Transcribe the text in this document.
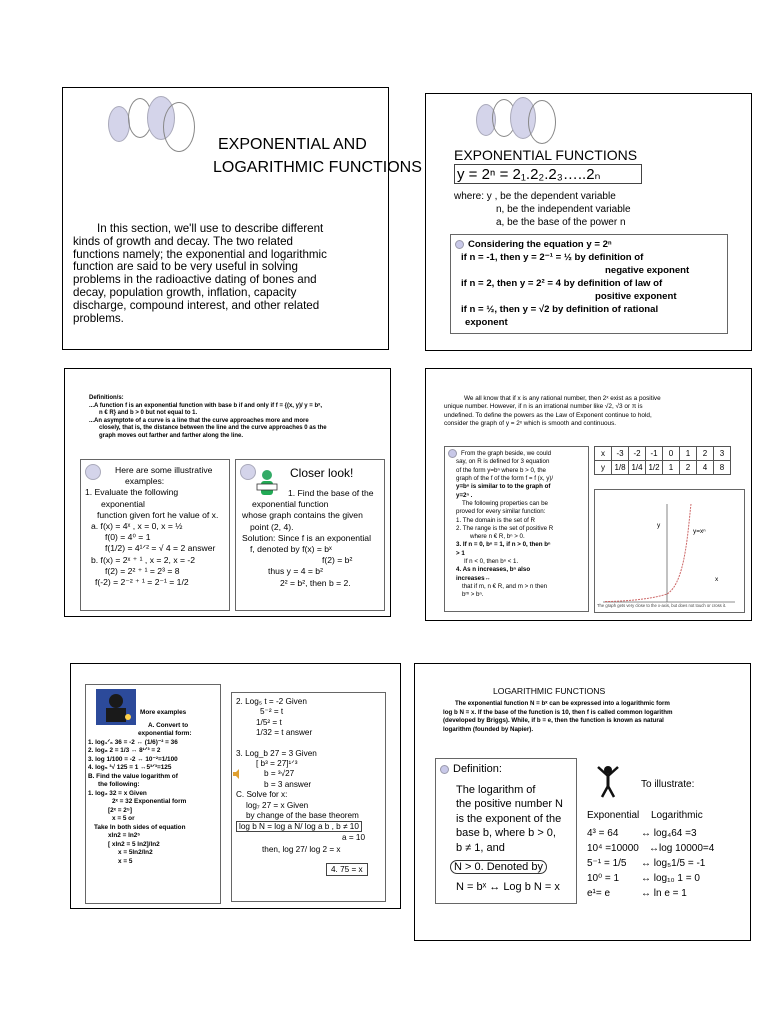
EXPONENTIAL AND
LOGARITHMIC FUNCTIONS
In this section, we'll use to describe different
kinds of growth and decay. The two related
functions namely; the exponential and logarithmic
function are said to be very useful in solving
problems in the radioactive dating of bones and
decay, population growth, inflation, capacity
discharge, compound interest, and other related
problems.
EXPONENTIAL FUNCTIONS
y = 2ⁿ = 2₁.2₂.2₃…..2ₙ
where: y , be the dependent variable
n, be the independent variable
a, be the base of the power n
Considering the equation y = 2ⁿ
if n = -1, then y = 2⁻¹ = ½ by definition of
negative exponent
if n = 2, then y = 2² = 4 by definition of law of
positive exponent
if n = ½, then y = √2 by definition of rational
exponent
Definition/s:
...A function f is an exponential function with base b if and only if f = {(x, y)/ y = bˣ,
n € R} and b > 0 but not equal to 1.
...An asymptote of a curve is a line that the curve approaches more and more
closely, that is, the distance between the line and the curve approaches 0 as the
graph moves out farther and farther along the line.
Here are some illustrative
examples:
1. Evaluate the following
exponential
function given fort he value of x.
a. f(x) = 4ˣ , x = 0, x = ½
f(0) = 4⁰ = 1
f(1/2) = 4¹ᐟ² = √ 4 = 2 answer
b. f(x) = 2ˣ ⁺ ¹ , x = 2, x = -2
f(2) = 2² ⁺ ¹ = 2³ = 8
f(-2) = 2⁻² ⁺ ¹ = 2⁻¹ = 1/2
Closer look!
1. Find the base of the
exponential function
whose graph contains the given
point (2, 4).
Solution: Since f is an exponential
f, denoted by f(x) = bˣ
f(2) = b²
thus y = 4 = b²
2² = b², then b = 2.
We all know that if x is any rational number, then 2ˣ exist as a positive
unique number. However, if n is an irrational number like √2, √3 or π is
undefined. To define the powers as the Law of Exponent continue to hold,
consider the graph of y = 2ˣ which is smooth and continuous.
From the graph beside, we could
say, on R is defined for 3 equation
of the form y=bⁿ where b > 0, the
graph of the f of the form f = f (x, y)/
y=bⁿ is similar to to the graph of
y=2ⁿ .
The following properties can be
proved for every similar function:
1. The domain is the set of R
2. The range is the set of positive R
where n € R, bⁿ > 0.
3. If n = 0, bⁿ = 1, if n > 0, then bⁿ
> 1
If n < 0, then bⁿ < 1.
4. As n increases, bⁿ also
increases↔
that if m, n € R, and m > n then
bᵐ > bⁿ.
x	-3	-2	-1	0	1	2	3
y	1/8	1/4	1/2	1	2	4	8
y=xⁿ
y
x
The graph gets very close to the x-axis, but does not touch or cross it.
More examples
A. Convert to
exponential form:
1. log₁ᐟ₆ 36 = -2 ↔ (1/6)⁻² = 36
2. log₈ 2 = 1/3 ↔ 8¹ᐟ³ = 2
3. log 1/100 = -2 ↔ 10⁻²=1/100
4. log₅ ³√ 125 = 1 ↔5³ᐟ³=125
B. Find the value logarithm of
the following:
1. log₂ 32 = x Given
2ˣ = 32 Exponential form
[2ˣ = 2⁵]
x = 5 or
Take ln both sides of equation
xln2 = ln2⁵
[ xln2 = 5 ln2]/ln2
x = 5ln2/ln2
x = 5
2. Log₅ t = -2 Given
5⁻² = t
1/5² = t
1/32 = t answer
3. Log_b 27 = 3 Given
[ b³ = 27]¹ᐟ³
b = ³√27
b = 3 answer
C. Solve for x:
log₇ 27 = x Given
by change of the base theorem
log b N = log a N/ log a b , b ≠ 10
a = 10
then, log 27/ log 2 = x
4. 75 = x
LOGARITHMIC FUNCTIONS
The exponential function N = bˣ can be expressed into a logarithmic form
log b N = x. If the base of the function is 10, then f is called common logarithm
(developed by Briggs). While, if b = e, then the function is known as natural
logarithm (founded by Napier).
Definition:
The logarithm of
the positive number N
is the exponent of the
base b, where b > 0,
b ≠ 1, and
N > 0. Denoted by
N = bˣ ↔ Log b N = x
To illustrate:
Exponential Logarithmic
4³ = 64 ↔ log₄64 =3
10⁴ =10000 ↔log 10000=4
5⁻¹ = 1/5 ↔ log₅1/5 = -1
10⁰ = 1 ↔ log₁₀ 1 = 0
e¹= e	↔ ln e = 1
